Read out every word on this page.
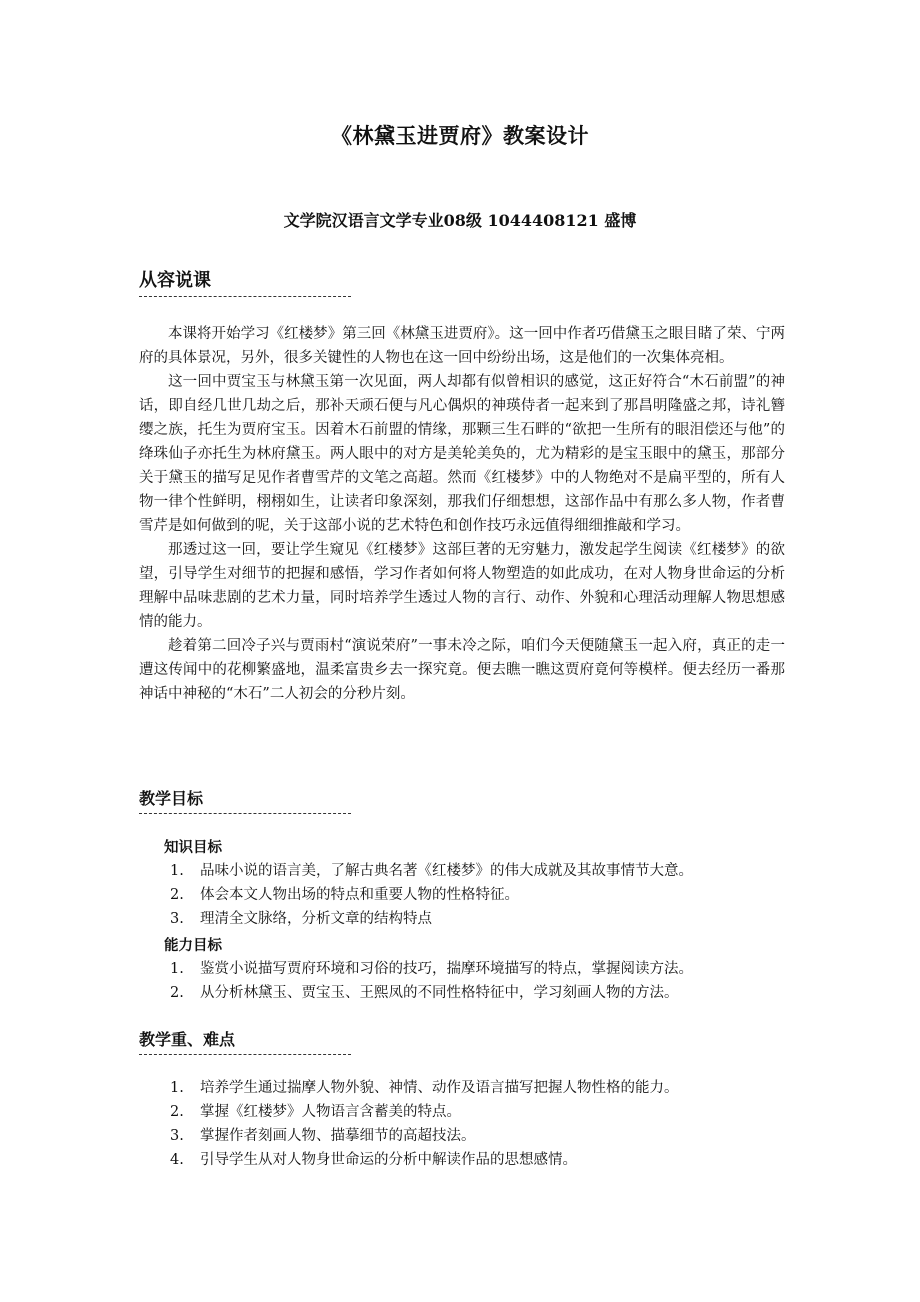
《林黛玉进贾府》教案设计
文学院汉语言文学专业08级 1044408121 盛博
从容说课

本课将开始学习《红楼梦》第三回《林黛玉进贾府》。这一回中作者巧借黛玉之眼目睹了荣、宁两府的具体景况，另外，很多关键性的人物也在这一回中纷纷出场，这是他们的一次集体亮相。

这一回中贾宝玉与林黛玉第一次见面，两人却都有似曾相识的感觉，这正好符合“木石前盟”的神话，即自经几世几劫之后，那补天顽石便与凡心偶炽的神瑛侍者一起来到了那昌明隆盛之邦，诗礼簪缨之族，托生为贾府宝玉。因着木石前盟的情缘，那颗三生石畔的“欲把一生所有的眼泪偿还与他”的绛珠仙子亦托生为林府黛玉。两人眼中的对方是美轮美奂的，尤为精彩的是宝玉眼中的黛玉，那部分关于黛玉的描写足见作者曹雪芹的文笔之高超。然而《红楼梦》中的人物绝对不是扁平型的，所有人物一律个性鲜明，栩栩如生，让读者印象深刻，那我们仔细想想，这部作品中有那么多人物，作者曹雪芹是如何做到的呢，关于这部小说的艺术特色和创作技巧永远值得细细推敲和学习。

那透过这一回，要让学生窥见《红楼梦》这部巨著的无穷魅力，激发起学生阅读《红楼梦》的欲望，引导学生对细节的把握和感悟，学习作者如何将人物塑造的如此成功，在对人物身世命运的分析理解中品味悲剧的艺术力量，同时培养学生透过人物的言行、动作、外貌和心理活动理解人物思想感情的能力。

趁着第二回冷子兴与贾雨村“演说荣府”一事未冷之际，咱们今天便随黛玉一起入府，真正的走一遭这传闻中的花柳繁盛地，温柔富贵乡去一探究竟。便去瞧一瞧这贾府竟何等模样。便去经历一番那神话中神秘的“木石”二人初会的分秒片刻。

教学目标
知识目标
1. 品味小说的语言美，了解古典名著《红楼梦》的伟大成就及其故事情节大意。
2. 体会本文人物出场的特点和重要人物的性格特征。
3. 理清全文脉络，分析文章的结构特点
能力目标
1. 鉴赏小说描写贾府环境和习俗的技巧，揣摩环境描写的特点，掌握阅读方法。
2. 从分析林黛玉、贾宝玉、王熙凤的不同性格特征中，学习刻画人物的方法。
教学重、难点
1. 培养学生通过揣摩人物外貌、神情、动作及语言描写把握人物性格的能力。
2. 掌握《红楼梦》人物语言含蓄美的特点。
3. 掌握作者刻画人物、描摹细节的高超技法。
4. 引导学生从对人物身世命运的分析中解读作品的思想感情。
